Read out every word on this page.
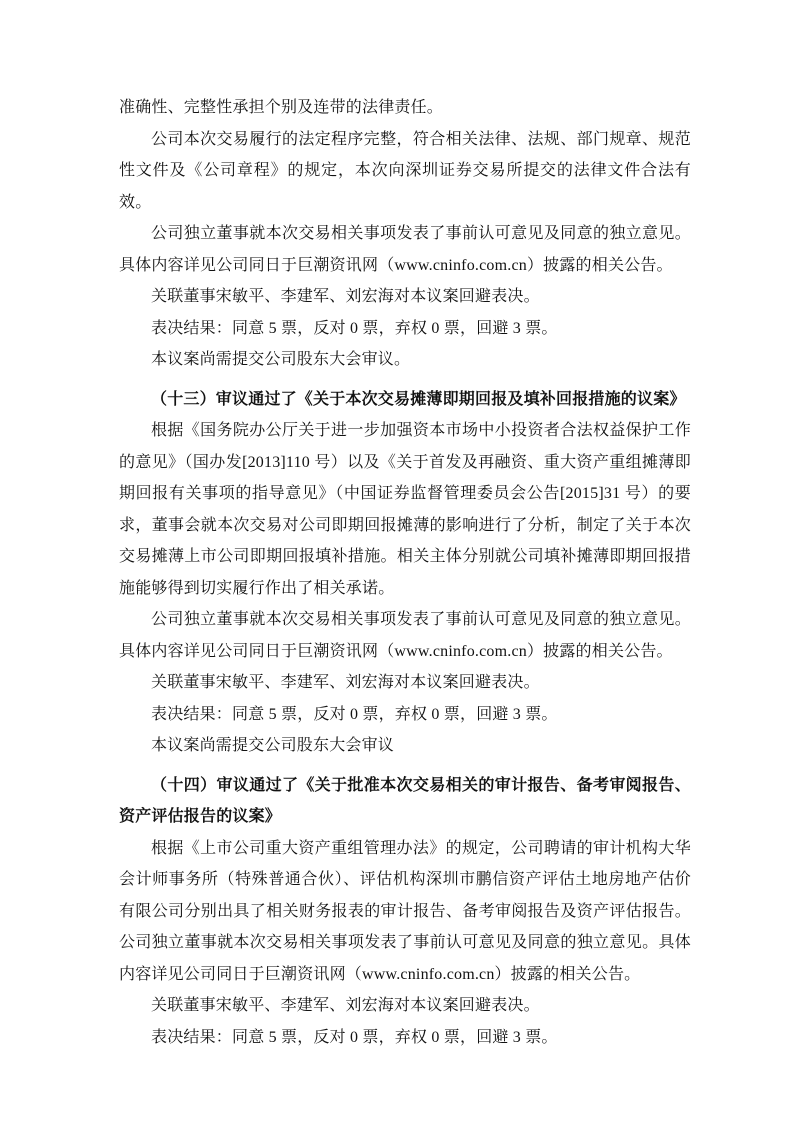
准确性、完整性承担个别及连带的法律责任。

公司本次交易履行的法定程序完整，符合相关法律、法规、部门规章、规范性文件及《公司章程》的规定，本次向深圳证券交易所提交的法律文件合法有效。

公司独立董事就本次交易相关事项发表了事前认可意见及同意的独立意见。具体内容详见公司同日于巨潮资讯网（www.cninfo.com.cn）披露的相关公告。

关联董事宋敏平、李建军、刘宏海对本议案回避表决。

表决结果：同意 5 票，反对 0 票，弃权 0 票，回避 3 票。

本议案尚需提交公司股东大会审议。

（十三）审议通过了《关于本次交易摊薄即期回报及填补回报措施的议案》

根据《国务院办公厅关于进一步加强资本市场中小投资者合法权益保护工作的意见》（国办发[2013]110 号）以及《关于首发及再融资、重大资产重组摊薄即期回报有关事项的指导意见》（中国证券监督管理委员会公告[2015]31 号）的要求，董事会就本次交易对公司即期回报摊薄的影响进行了分析，制定了关于本次交易摊薄上市公司即期回报填补措施。相关主体分别就公司填补摊薄即期回报措施能够得到切实履行作出了相关承诺。

公司独立董事就本次交易相关事项发表了事前认可意见及同意的独立意见。具体内容详见公司同日于巨潮资讯网（www.cninfo.com.cn）披露的相关公告。

关联董事宋敏平、李建军、刘宏海对本议案回避表决。

表决结果：同意 5 票，反对 0 票，弃权 0 票，回避 3 票。

本议案尚需提交公司股东大会审议

（十四）审议通过了《关于批准本次交易相关的审计报告、备考审阅报告、资产评估报告的议案》

根据《上市公司重大资产重组管理办法》的规定，公司聘请的审计机构大华会计师事务所（特殊普通合伙）、评估机构深圳市鹏信资产评估土地房地产估价有限公司分别出具了相关财务报表的审计报告、备考审阅报告及资产评估报告。公司独立董事就本次交易相关事项发表了事前认可意见及同意的独立意见。具体内容详见公司同日于巨潮资讯网（www.cninfo.com.cn）披露的相关公告。

关联董事宋敏平、李建军、刘宏海对本议案回避表决。

表决结果：同意 5 票，反对 0 票，弃权 0 票，回避 3 票。
